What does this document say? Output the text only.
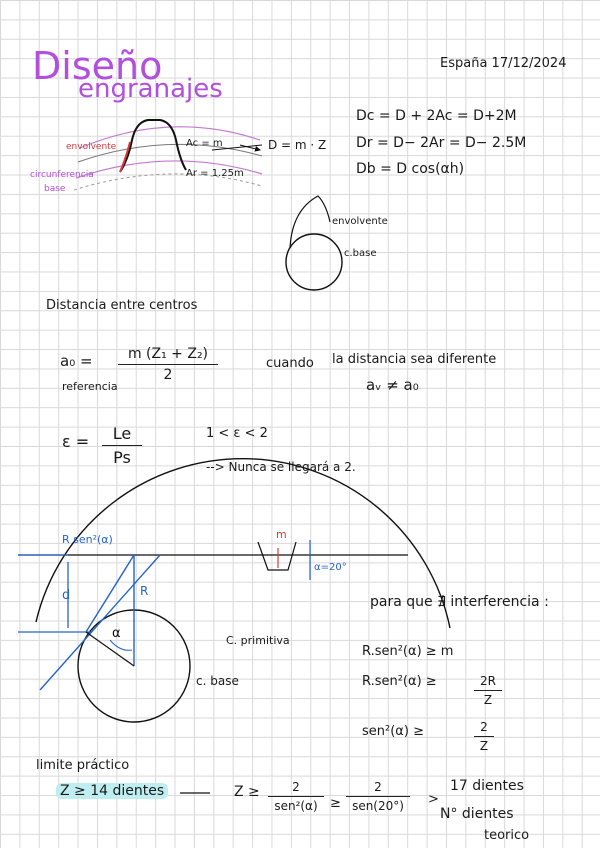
Diseño
engranajes
España 17/12/2024
Dc = D + 2Ac = D+2M
Dr = D− 2Ar = D− 2.5M
Db = D cos(αh)
envolvente
circunferencia
base
Ac = m
Ar = 1.25m
D = m · Z
envolvente
c.base
Distancia entre centros
a₀ =	m (Z₁ + Z₂)
2
referencia
cuando la distancia sea diferente
aᵥ ≠ a₀
ε =	Le
Ps
1 < ε < 2
--> Nunca se llegará a 2.
R sen²(α)
R
d
α
m
α=20°
C. primitiva
c. base
para que ∄ interferencia :
R.sen²(α) ≥ m
R.sen²(α) ≥	2R
Z
sen²(α) ≥	2
Z
limite práctico
Z ≥ 14 dientes	Z ≥	2
sen²(α) ≥
2
sen(20°)	>
17 dientes
N° dientes
teorico
